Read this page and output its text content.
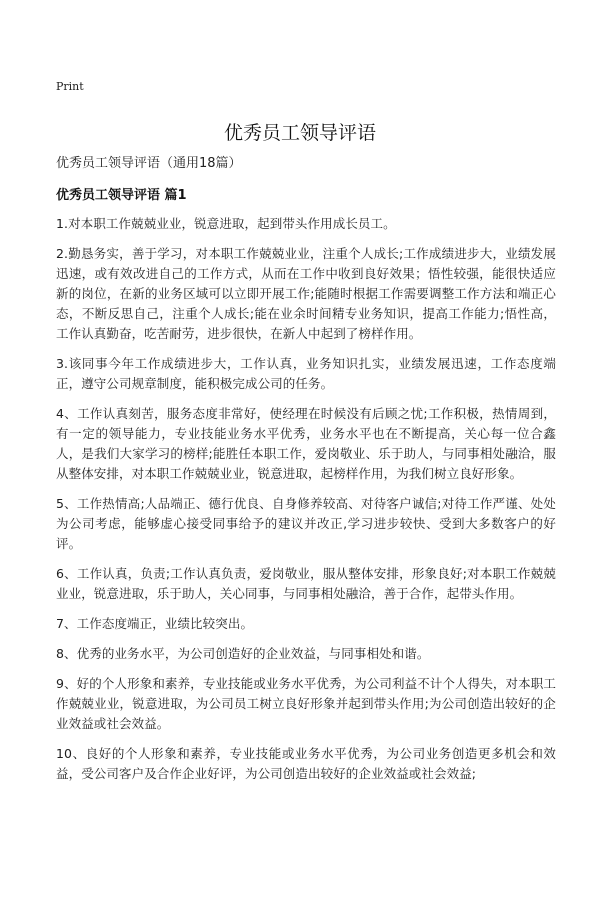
Print
优秀员工领导评语
优秀员工领导评语（通用18篇）
优秀员工领导评语 篇1
1.对本职工作兢兢业业，锐意进取，起到带头作用成长员工。
2.勤恳务实，善于学习，对本职工作兢兢业业，注重个人成长;工作成绩进步大，业绩发展迅速，或有效改进自己的工作方式，从而在工作中收到良好效果；悟性较强，能很快适应新的岗位，在新的业务区域可以立即开展工作;能随时根据工作需要调整工作方法和端正心态，不断反思自己，注重个人成长;能在业余时间精专业务知识，提高工作能力;悟性高，工作认真勤奋，吃苦耐劳，进步很快，在新人中起到了榜样作用。
3.该同事今年工作成绩进步大，工作认真，业务知识扎实，业绩发展迅速，工作态度端正，遵守公司规章制度，能积极完成公司的任务。
4、工作认真刻苦，服务态度非常好，使经理在时候没有后顾之忧;工作积极，热情周到，有一定的领导能力，专业技能业务水平优秀，业务水平也在不断提高，关心每一位合鑫人，是我们大家学习的榜样;能胜任本职工作，爱岗敬业、乐于助人，与同事相处融洽，服从整体安排，对本职工作兢兢业业，锐意进取，起榜样作用，为我们树立良好形象。
5、工作热情高;人品端正、德行优良、自身修养较高、对待客户诚信;对待工作严谨、处处为公司考虑，能够虚心接受同事给予的建议并改正,学习进步较快、受到大多数客户的好评。
6、工作认真，负责;工作认真负责，爱岗敬业，服从整体安排，形象良好;对本职工作兢兢业业，锐意进取，乐于助人，关心同事，与同事相处融洽，善于合作，起带头作用。
7、工作态度端正，业绩比较突出。
8、优秀的业务水平，为公司创造好的企业效益，与同事相处和谐。
9、好的个人形象和素养，专业技能或业务水平优秀，为公司利益不计个人得失，对本职工作兢兢业业，锐意进取，为公司员工树立良好形象并起到带头作用;为公司创造出较好的企业效益或社会效益。
10、良好的个人形象和素养，专业技能或业务水平优秀，为公司业务创造更多机会和效益，受公司客户及合作企业好评，为公司创造出较好的企业效益或社会效益;
